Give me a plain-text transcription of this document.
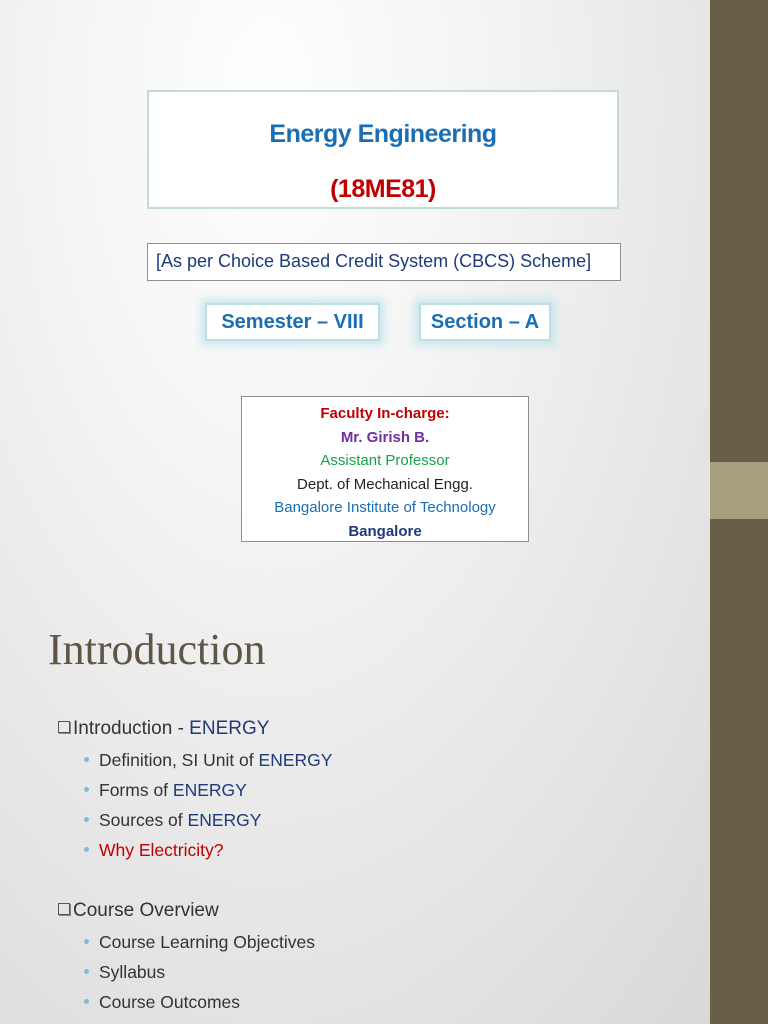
Energy Engineering
(18ME81)
[As per Choice Based Credit System (CBCS) Scheme]
Semester – VIII	Section – A
Faculty In-charge:
Mr. Girish B.
Assistant Professor
Dept. of Mechanical Engg.
Bangalore Institute of Technology
Bangalore
Introduction
Introduction - ENERGY
Definition, SI Unit of ENERGY
Forms of ENERGY
Sources of ENERGY
Why Electricity?
Course Overview
Course Learning Objectives
Syllabus
Course Outcomes
